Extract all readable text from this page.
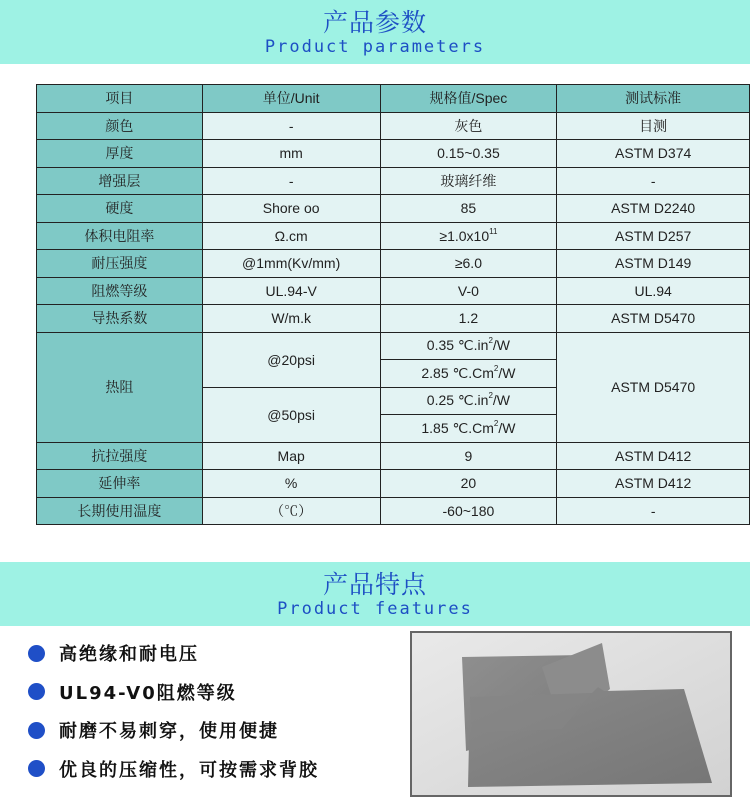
产品参数
Product parameters
项目	单位/Unit	规格值/Spec	测试标准
颜色	-	灰色	目测
厚度	mm	0.15~0.35	ASTM D374
增强层	-	玻璃纤维	-
硬度	Shore oo	85	ASTM D2240
体积电阻率	Ω.cm	$\ge 1.0x10^{11}$	ASTM D257
耐压强度	@1mm(Kv/mm)	≥6.0	ASTM D149
阻燃等级	UL.94-V	V-0	UL.94
导热系数	W/m.k	1.2	ASTM D5470
热阻	@20psi	0.35 $℃.in^2/W$	ASTM D5470
		2.85 ℃.Cm$^2$/W	
	@50psi	0.25 $℃.in^2/W$	
		1.85 ℃.Cm$^2$/W	
抗拉强度	Map	9	ASTM D412
延伸率	%	20	ASTM D412
长期使用温度	（℃）	-60~180	-
产品特点
Product features
高绝缘和耐电压
UL94-V0阻燃等级
耐磨不易刺穿，使用便捷
优良的压缩性，可按需求背胶
